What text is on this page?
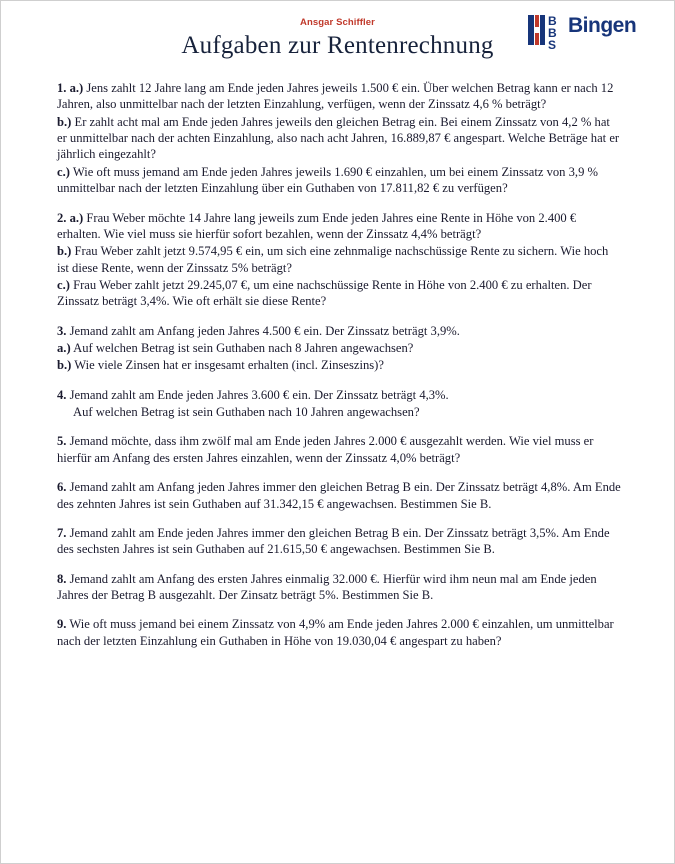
Ansgar Schiffler
Aufgaben zur Rentenrechnung
B
B
S
Bingen

1. a.) Jens zahlt 12 Jahre lang am Ende jeden Jahres jeweils 1.500 € ein. Über welchen Betrag kann er nach 12 Jahren, also unmittelbar nach der letzten Einzahlung, verfügen, wenn der Zinssatz 4,6 % beträgt?

b.) Er zahlt acht mal am Ende jeden Jahres jeweils den gleichen Betrag ein. Bei einem Zinssatz von 4,2 % hat er unmittelbar nach der achten Einzahlung, also nach acht Jahren, 16.889,87 € angespart. Welche Beträge hat er jährlich eingezahlt?

c.) Wie oft muss jemand am Ende jeden Jahres jeweils 1.690 € einzahlen, um bei einem Zinssatz von 3,9 % unmittelbar nach der letzten Einzahlung über ein Guthaben von 17.811,82 € zu verfügen?

2. a.) Frau Weber möchte 14 Jahre lang jeweils zum Ende jeden Jahres eine Rente in Höhe von 2.400 € erhalten. Wie viel muss sie hierfür sofort bezahlen, wenn der Zinssatz 4,4% beträgt?

b.) Frau Weber zahlt jetzt 9.574,95 € ein, um sich eine zehnmalige nachschüssige Rente zu sichern. Wie hoch ist diese Rente, wenn der Zinssatz 5% beträgt?

c.) Frau Weber zahlt jetzt 29.245,07 €, um eine nachschüssige Rente in Höhe von 2.400 € zu erhalten. Der Zinssatz beträgt 3,4%. Wie oft erhält sie diese Rente?

3. Jemand zahlt am Anfang jeden Jahres 4.500 € ein. Der Zinssatz beträgt 3,9%.

a.) Auf welchen Betrag ist sein Guthaben nach 8 Jahren angewachsen?

b.) Wie viele Zinsen hat er insgesamt erhalten (incl. Zinseszins)?

4. Jemand zahlt am Ende jeden Jahres 3.600 € ein. Der Zinssatz beträgt 4,3%.

Auf welchen Betrag ist sein Guthaben nach 10 Jahren angewachsen?

5. Jemand möchte, dass ihm zwölf mal am Ende jeden Jahres 2.000 € ausgezahlt werden. Wie viel muss er hierfür am Anfang des ersten Jahres einzahlen, wenn der Zinssatz 4,0% beträgt?

6. Jemand zahlt am Anfang jeden Jahres immer den gleichen Betrag B ein. Der Zinssatz beträgt 4,8%. Am Ende des zehnten Jahres ist sein Guthaben auf 31.342,15 € angewachsen. Bestimmen Sie B.

7. Jemand zahlt am Ende jeden Jahres immer den gleichen Betrag B ein. Der Zinssatz beträgt 3,5%. Am Ende des sechsten Jahres ist sein Guthaben auf 21.615,50 € angewachsen. Bestimmen Sie B.

8. Jemand zahlt am Anfang des ersten Jahres einmalig 32.000 €. Hierfür wird ihm neun mal am Ende jeden Jahres der Betrag B ausgezahlt. Der Zinsatz beträgt 5%. Bestimmen Sie B.

9. Wie oft muss jemand bei einem Zinssatz von 4,9% am Ende jeden Jahres 2.000 € einzahlen, um unmittelbar nach der letzten Einzahlung ein Guthaben in Höhe von 19.030,04 € angespart zu haben?
